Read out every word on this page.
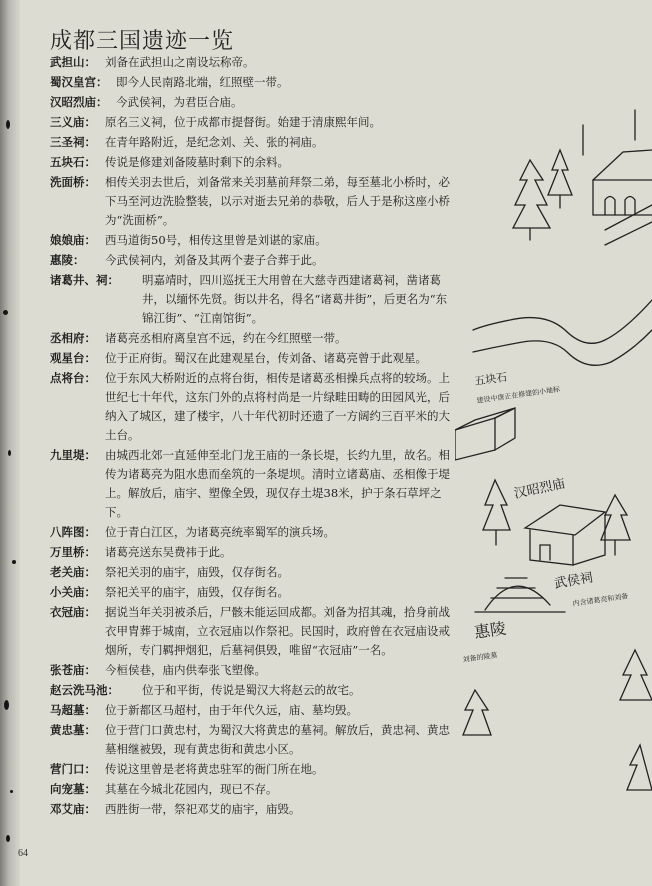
成都三国遗迹一览
武担山： 刘备在武担山之南设坛称帝。
蜀汉皇宫： 即今人民南路北端，红照壁一带。
汉昭烈庙： 今武侯祠，为君臣合庙。
三义庙： 原名三义祠，位于成都市提督街。始建于清康熙年间。
三圣祠： 在青年路附近，是纪念刘、关、张的祠庙。
五块石： 传说是修建刘备陵墓时剩下的余料。
洗面桥： 相传关羽去世后，刘备常来关羽墓前拜祭二弟，每至墓北小桥时，必下马至河边洗脸整装，以示对逝去兄弟的恭敬，后人于是称这座小桥为“洗面桥”。
娘娘庙： 西马道街50号，相传这里曾是刘谌的家庙。
惠陵： 今武侯祠内，刘备及其两个妻子合葬于此。
诸葛井、祠： 明嘉靖时，四川巡抚王大用曾在大慈寺西建诸葛祠，凿诸葛井，以缅怀先贤。街以井名，得名“诸葛井街”，后更名为“东锦江街”、“江南馆街”。
丞相府： 诸葛亮丞相府离皇宫不远，约在今红照壁一带。
观星台： 位于正府街。蜀汉在此建观星台，传刘备、诸葛亮曾于此观星。
点将台： 位于东风大桥附近的点将台街，相传是诸葛丞相操兵点将的较场。上世纪七十年代，这东门外的点将村尚是一片绿畦田畴的田园风光，后纳入了城区，建了楼宇，八十年代初时还遗了一方阔约三百平米的大土台。
九里堤： 由城西北郊一直延伸至北门龙王庙的一条长堤，长约九里，故名。相传为诸葛亮为阻水患而垒筑的一条堤坝。清时立诸葛庙、丞相像于堤上。解放后，庙宇、塑像全毁，现仅存土堤38米，护于条石草坪之下。
八阵图： 位于青白江区，为诸葛亮统率蜀军的演兵场。
万里桥： 诸葛亮送东吴费祎于此。
老关庙： 祭祀关羽的庙宇，庙毁，仅存街名。
小关庙： 祭祀关平的庙宇，庙毁，仅存街名。
衣冠庙： 据说当年关羽被杀后，尸骸未能运回成都。刘备为招其魂，拾身前战衣甲胄葬于城南，立衣冠庙以作祭祀。民国时，政府曾在衣冠庙设戒烟所，专门羁押烟犯，后墓祠俱毁，唯留“衣冠庙”一名。
张苍庙： 今桓侯巷，庙内供奉张飞塑像。
赵云洗马池： 位于和平街，传说是蜀汉大将赵云的故宅。
马超墓： 位于新都区马超村，由于年代久远，庙、墓均毁。
黄忠墓： 位于营门口黄忠村，为蜀汉大将黄忠的墓祠。解放后，黄忠祠、黄忠墓相继被毁，现有黄忠街和黄忠小区。
营门口： 传说这里曾是老将黄忠驻军的衙门所在地。
向宠墓： 其墓在今城北花园内，现已不存。
邓艾庙： 西胜街一带，祭祀邓艾的庙宇，庙毁。
五块石
建设中唐正在修建的小地标
汉昭烈庙
武侯祠
内含诸葛亮和刘备
惠陵
刘备的陵墓
64
